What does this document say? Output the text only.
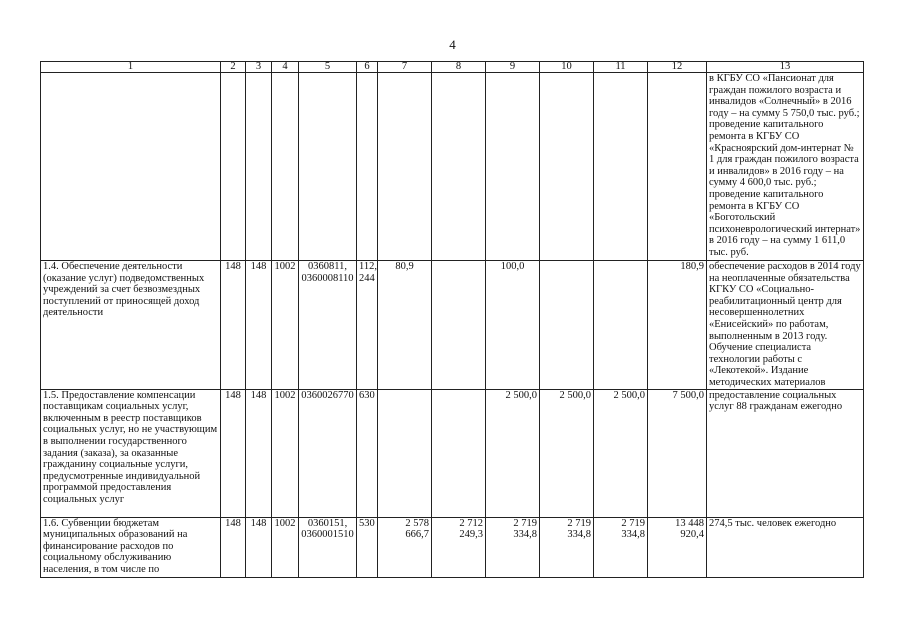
4
1	2	3	4	5	6	7	8	9	10	11	12	13
												в КГБУ СО «Пансионат для граждан пожилого возраста и инвалидов «Солнечный» в 2016 году – на сумму 5 750,0 тыс. руб.; проведение капитального ремонта в КГБУ СО «Красноярский дом-интернат № 1 для граждан пожилого возраста и инвалидов» в 2016 году – на сумму 4 600,0 тыс. руб.; проведение капитального ремонта в КГБУ СО «Боготольский психоневрологический интернат» в 2016 году – на сумму 1 611,0 тыс. руб.
1.4. Обеспечение деятельности (оказание услуг) подведомственных учреждений за счет безвозмездных поступлений от приносящей доход деятельности	148	148	1002	0360811, 0360008110	112, 244	80,9		100,0			180,9	обеспечение расходов в 2014 году на неоплаченные обязательства КГКУ СО «Социально-реабилитационный центр для несовершеннолетних «Енисейский» по работам, выполненным в 2013 году. Обучение специалиста технологии работы с «Лекотекой». Издание методических материалов
1.5. Предоставление компенсации поставщикам социальных услуг, включенным в реестр поставщиков социальных услуг, но не участвующим в выполнении государственного задания (заказа), за оказанные гражданину социальные услуги, предусмотренные индивидуальной программой предоставления социальных услуг	148	148	1002	0360026770	630			2 500,0	2 500,0	2 500,0	7 500,0	предоставление социальных услуг 88 гражданам ежегодно
1.6. Субвенции бюджетам муниципальных образований на финансирование расходов по социальному обслуживанию населения, в том числе по	148	148	1002	0360151, 0360001510	530	2 578 666,7	2 712 249,3	2 719 334,8	2 719 334,8	2 719 334,8	13 448 920,4	274,5 тыс. человек ежегодно
